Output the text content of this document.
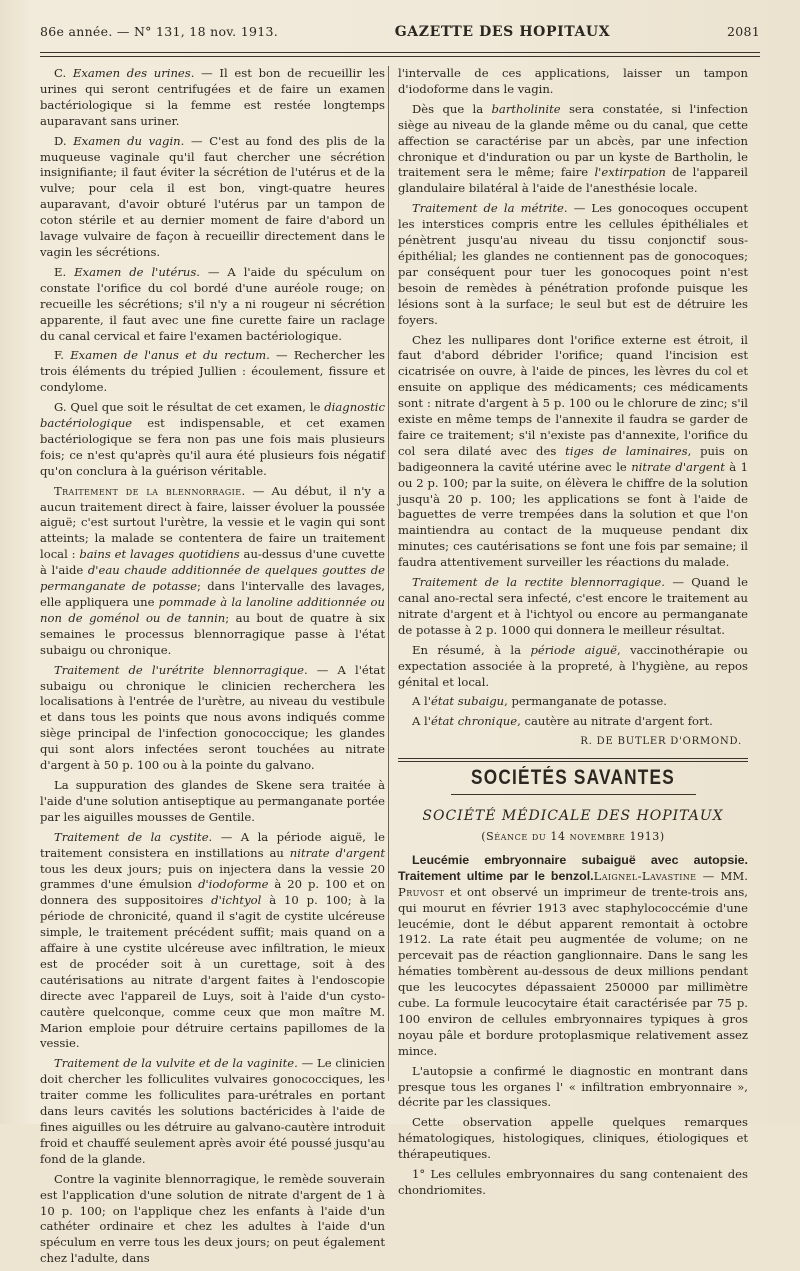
86e année. — N° 131, 18 nov. 1913.	GAZETTE DES HOPITAUX	2081

C. Examen des urines. — Il est bon de recueillir les urines qui seront centrifugées et de faire un examen bactériologique si la femme est restée longtemps auparavant sans uriner.

D. Examen du vagin. — C'est au fond des plis de la muqueuse vaginale qu'il faut chercher une sécrétion insignifiante; il faut éviter la sécrétion de l'utérus et de la vulve; pour cela il est bon, vingt-quatre heures auparavant, d'avoir obturé l'utérus par un tampon de coton stérile et au dernier moment de faire d'abord un lavage vulvaire de façon à recueillir directement dans le vagin les sécrétions.

E. Examen de l'utérus. — A l'aide du spéculum on constate l'orifice du col bordé d'une auréole rouge; on recueille les sécrétions; s'il n'y a ni rougeur ni sécrétion apparente, il faut avec une fine curette faire un raclage du canal cervical et faire l'examen bactériologique.

F. Examen de l'anus et du rectum. — Rechercher les trois éléments du trépied Jullien : écoulement, fissure et condylome.

G. Quel que soit le résultat de cet examen, le diagnostic bactériologique est indispensable, et cet examen bactériologique se fera non pas une fois mais plusieurs fois; ce n'est qu'après qu'il aura été plusieurs fois négatif qu'on conclura à la guérison véritable.

Traitement de la blennorragie. — Au début, il n'y a aucun traitement direct à faire, laisser évoluer la poussée aiguë; c'est surtout l'urètre, la vessie et le vagin qui sont atteints; la malade se contentera de faire un traitement local : bains et lavages quotidiens au-dessus d'une cuvette à l'aide d'eau chaude additionnée de quelques gouttes de permanganate de potasse; dans l'intervalle des lavages, elle appliquera une pommade à la lanoline additionnée ou non de goménol ou de tannin; au bout de quatre à six semaines le processus blennorragique passe à l'état subaigu ou chronique.

Traitement de l'urétrite blennorragique. — A l'état subaigu ou chronique le clinicien recherchera les localisations à l'entrée de l'urètre, au niveau du vestibule et dans tous les points que nous avons indiqués comme siège principal de l'infection gonococcique; les glandes qui sont alors infectées seront touchées au nitrate d'argent à 50 p. 100 ou à la pointe du galvano.

La suppuration des glandes de Skene sera traitée à l'aide d'une solution antiseptique au permanganate portée par les aiguilles mousses de Gentile.

Traitement de la cystite. — A la période aiguë, le traitement consistera en instillations au nitrate d'argent tous les deux jours; puis on injectera dans la vessie 20 grammes d'une émulsion d'iodoforme à 20 p. 100 et on donnera des suppositoires d'ichtyol à 10 p. 100; à la période de chronicité, quand il s'agit de cystite ulcéreuse simple, le traitement précédent suffit; mais quand on a affaire à une cystite ulcéreuse avec infiltration, le mieux est de procéder soit à un curettage, soit à des cautérisations au nitrate d'argent faites à l'endoscopie directe avec l'appareil de Luys, soit à l'aide d'un cysto-cautère quelconque, comme ceux que mon maître M. Marion emploie pour détruire certains papillomes de la vessie.

Traitement de la vulvite et de la vaginite. — Le clinicien doit chercher les folliculites vulvaires gonococciques, les traiter comme les folliculites para-urétrales en portant dans leurs cavités les solutions bactéricides à l'aide de fines aiguilles ou les détruire au galvano-cautère introduit froid et chauffé seulement après avoir été poussé jusqu'au fond de la glande.

Contre la vaginite blennorragique, le remède souverain est l'application d'une solution de nitrate d'argent de 1 à 10 p. 100; on l'applique chez les enfants à l'aide d'un cathéter ordinaire et chez les adultes à l'aide d'un spéculum en verre tous les deux jours; on peut également chez l'adulte, dans

l'intervalle de ces applications, laisser un tampon d'iodoforme dans le vagin.

Dès que la bartholinite sera constatée, si l'infection siège au niveau de la glande même ou du canal, que cette affection se caractérise par un abcès, par une infection chronique et d'induration ou par un kyste de Bartholin, le traitement sera le même; faire l'extirpation de l'appareil glandulaire bilatéral à l'aide de l'anesthésie locale.

Traitement de la métrite. — Les gonocoques occupent les interstices compris entre les cellules épithéliales et pénètrent jusqu'au niveau du tissu conjonctif sous-épithélial; les glandes ne contiennent pas de gonocoques; par conséquent pour tuer les gonocoques point n'est besoin de remèdes à pénétration profonde puisque les lésions sont à la surface; le seul but est de détruire les foyers.

Chez les nullipares dont l'orifice externe est étroit, il faut d'abord débrider l'orifice; quand l'incision est cicatrisée on ouvre, à l'aide de pinces, les lèvres du col et ensuite on applique des médicaments; ces médicaments sont : nitrate d'argent à 5 p. 100 ou le chlorure de zinc; s'il existe en même temps de l'annexite il faudra se garder de faire ce traitement; s'il n'existe pas d'annexite, l'orifice du col sera dilaté avec des tiges de laminaires, puis on badigeonnera la cavité utérine avec le nitrate d'argent à 1 ou 2 p. 100; par la suite, on élèvera le chiffre de la solution jusqu'à 20 p. 100; les applications se font à l'aide de baguettes de verre trempées dans la solution et que l'on maintiendra au contact de la muqueuse pendant dix minutes; ces cautérisations se font une fois par semaine; il faudra attentivement surveiller les réactions du malade.

Traitement de la rectite blennorragique. — Quand le canal ano-rectal sera infecté, c'est encore le traitement au nitrate d'argent et à l'ichtyol ou encore au permanganate de potasse à 2 p. 1000 qui donnera le meilleur résultat.

En résumé, à la période aiguë, vaccinothérapie ou expectation associée à la propreté, à l'hygiène, au repos génital et local.

A l'état subaigu, permanganate de potasse.

A l'état chronique, cautère au nitrate d'argent fort.

R. DE BUTLER D'ORMOND.
SOCIÉTÉS SAVANTES
SOCIÉTÉ MÉDICALE DES HOPITAUX
(Séance du 14 novembre 1913)

Leucémie embryonnaire subaiguë avec autopsie. Traitement ultime par le benzol.Laignel-Lavastine — MM. Pruvost et ont observé un imprimeur de trente-trois ans, qui mourut en février 1913 avec staphylococcémie d'une leucémie, dont le début apparent remontait à octobre 1912. La rate était peu augmentée de volume; on ne percevait pas de réaction ganglionnaire. Dans le sang les hématies tombèrent au-dessous de deux millions pendant que les leucocytes dépassaient 250000 par millimètre cube. La formule leucocytaire était caractérisée par 75 p. 100 environ de cellules embryonnaires typiques à gros noyau pâle et bordure protoplasmique relativement assez mince.

L'autopsie a confirmé le diagnostic en montrant dans presque tous les organes l' « infiltration embryonnaire », décrite par les classiques.

Cette observation appelle quelques remarques hématologiques, histologiques, cliniques, étiologiques et thérapeutiques.

1° Les cellules embryonnaires du sang contenaient des chondriomites.
